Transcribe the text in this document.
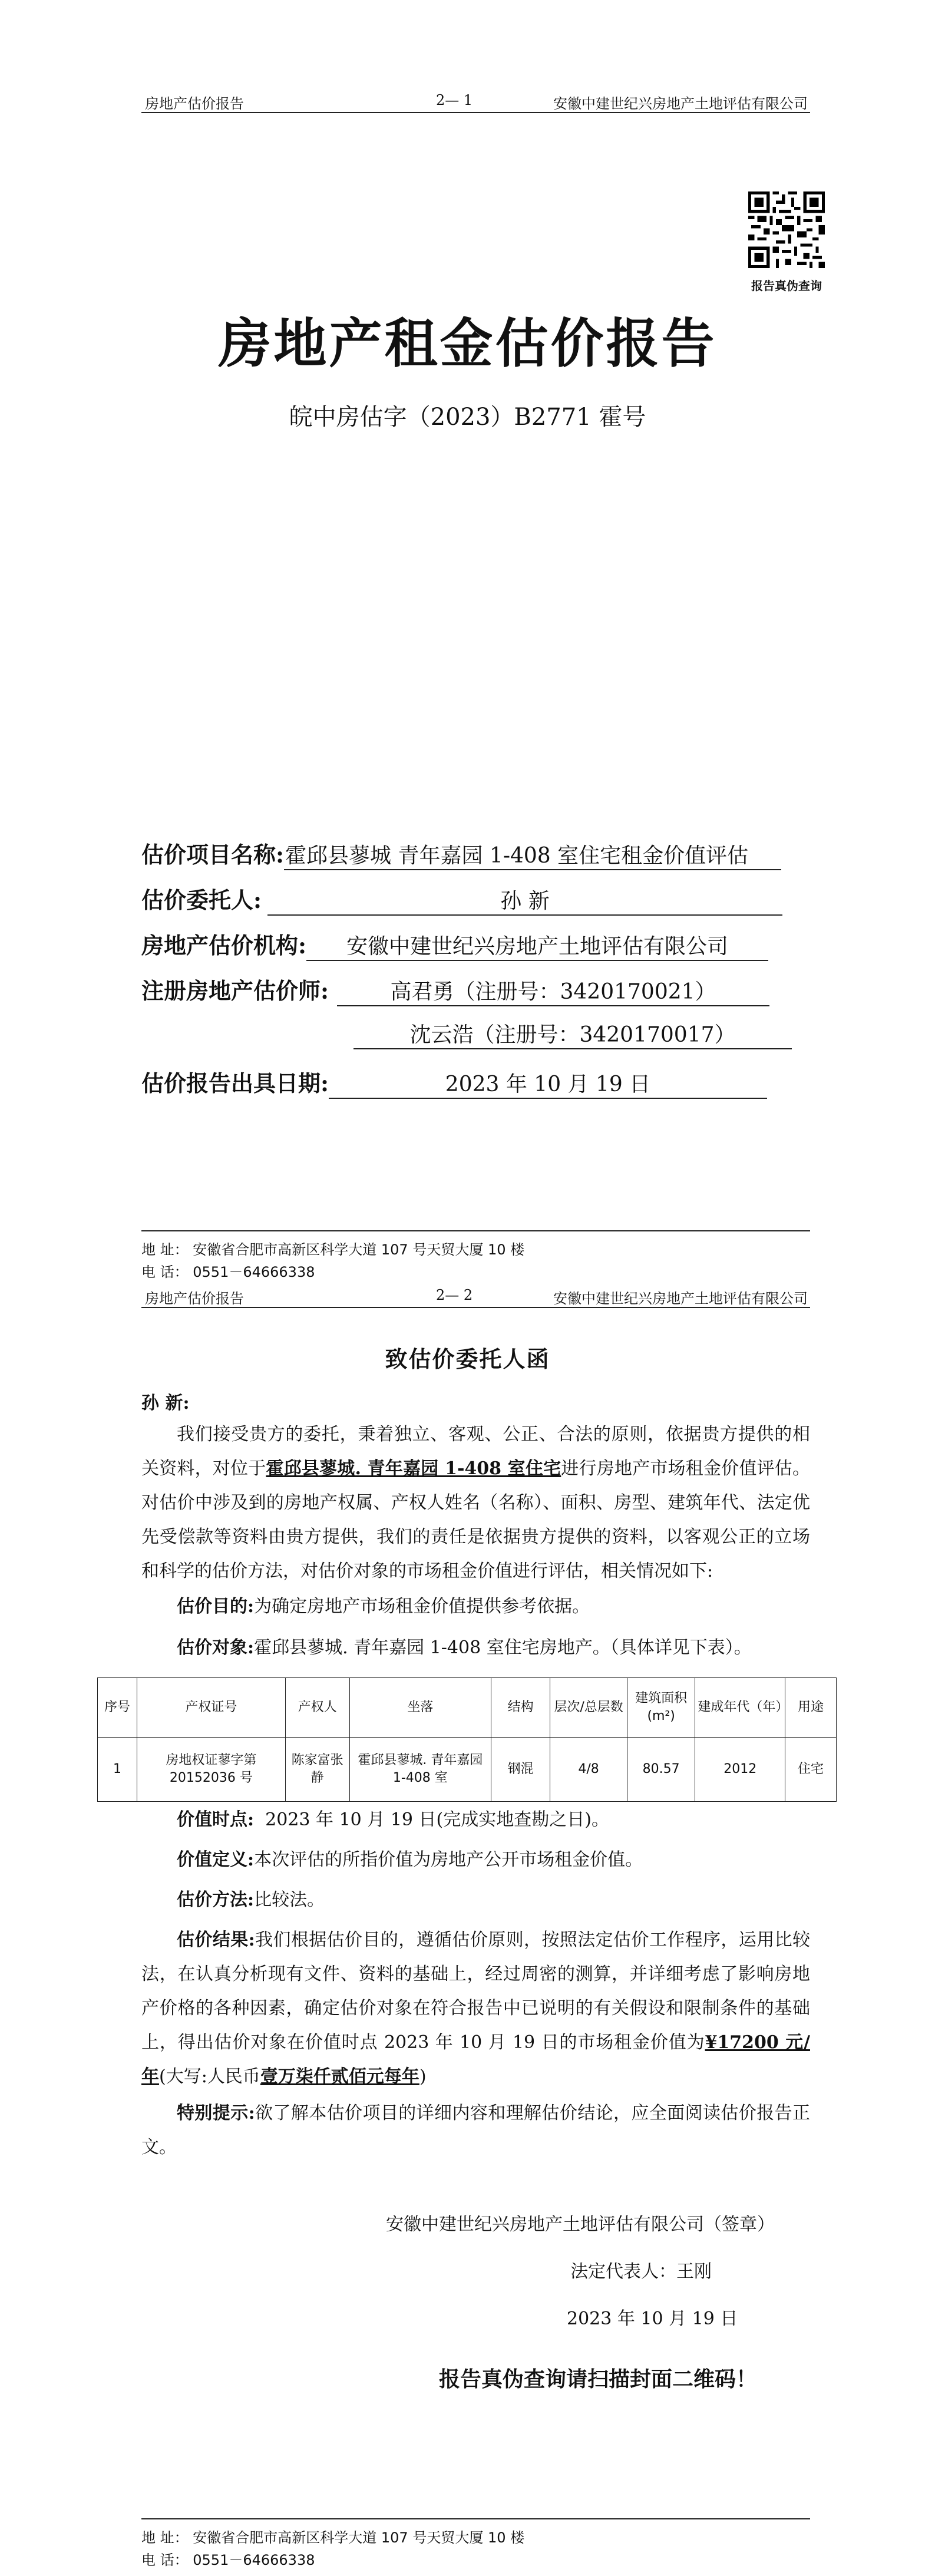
房地产估价报告	2— 1	安徽中建世纪兴房地产土地评估有限公司
报告真伪查询
房地产租金估价报告
皖中房估字（2023）B2771 霍号
估价项目名称:霍邱县蓼城 青年嘉园 1-408 室住宅租金价值评估
估价委托人:	孙 新
房地产估价机构: 安徽中建世纪兴房地产土地评估有限公司
注册房地产估价师:	高君勇（注册号：3420170021）
沈云浩（注册号：3420170017）
估价报告出具日期:	2023 年 10 月 19 日
地 址： 安徽省合肥市高新区科学大道 107 号天贸大厦 10 楼
电 话： 0551－64666338
房地产估价报告	2— 2	安徽中建世纪兴房地产土地评估有限公司
致估价委托人函
孙 新:
我们接受贵方的委托，秉着独立、客观、公正、合法的原则，依据贵方提供的相关资料，对位于霍邱县蓼城. 青年嘉园 1-408 室住宅进行房地产市场租金价值评估。对估价中涉及到的房地产权属、产权人姓名（名称）、面积、房型、建筑年代、法定优先受偿款等资料由贵方提供，我们的责任是依据贵方提供的资料，以客观公正的立场和科学的估价方法，对估价对象的市场租金价值进行评估，相关情况如下:
估价目的:为确定房地产市场租金价值提供参考依据。
估价对象:霍邱县蓼城. 青年嘉园 1-408 室住宅房地产。（具体详见下表）。
序号	产权证号	产权人	坐落	结构	层次/总层数	建筑面积(m²)	建成年代（年）	用途
1	房地权证蓼字第20152036 号	陈家富张静	霍邱县蓼城. 青年嘉园 1-408 室	钢混	4/8	80.57	2012	住宅
价值时点: 2023 年 10 月 19 日(完成实地查勘之日)。
价值定义:本次评估的所指价值为房地产公开市场租金价值。
估价方法:比较法。
估价结果:我们根据估价目的，遵循估价原则，按照法定估价工作程序，运用比较法，在认真分析现有文件、资料的基础上，经过周密的测算，并详细考虑了影响房地产价格的各种因素，确定估价对象在符合报告中已说明的有关假设和限制条件的基础上，得出估价对象在价值时点 2023 年 10 月 19 日的市场租金价值为¥17200 元/年(大写:人民币壹万柒仟贰佰元每年)
特别提示:欲了解本估价项目的详细内容和理解估价结论，应全面阅读估价报告正文。
安徽中建世纪兴房地产土地评估有限公司（签章）
法定代表人：王刚
2023 年 10 月 19 日
报告真伪查询请扫描封面二维码！
地 址： 安徽省合肥市高新区科学大道 107 号天贸大厦 10 楼
电 话： 0551－64666338
